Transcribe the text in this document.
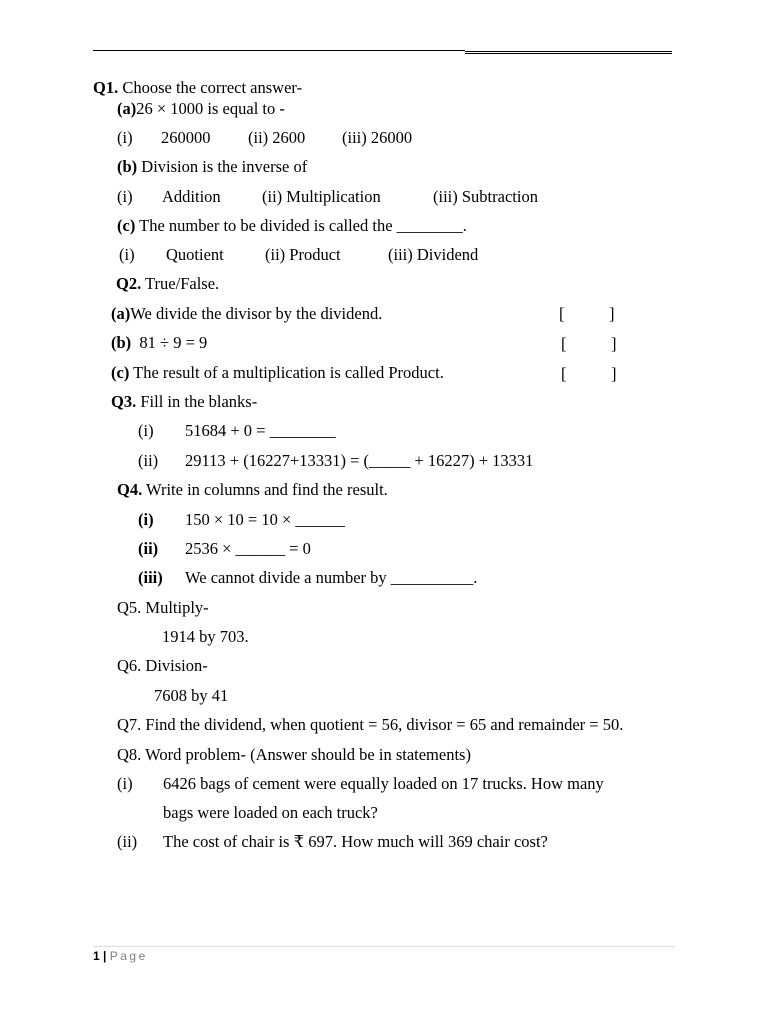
Q1. Choose the correct answer-
(a)26 × 1000 is equal to -
(i) 260000 (ii) 2600 (iii) 26000
(b) Division is the inverse of
(i) Addition	(ii) Multiplication	(iii) Subtraction
(c) The number to be divided is called the ________.
(i) Quotient	(ii) Product	(iii) Dividend
Q2. True/False.
(a)We divide the divisor by the dividend.	[	]
(b) 81 ÷ 9 = 9	[	]
(c) The result of a multiplication is called Product.	[	]
Q3. Fill in the blanks-
(i) 51684 + 0 = ________
(ii) 29113 + (16227+13331) = (_____ + 16227) + 13331
Q4. Write in columns and find the result.
(i) 150 × 10 = 10 × ______
(ii) 2536 × ______ = 0
(iii) We cannot divide a number by __________.
Q5. Multiply-
1914 by 703.
Q6. Division-
7608 by 41
Q7. Find the dividend, when quotient = 56, divisor = 65 and remainder = 50.
Q8. Word problem- (Answer should be in statements)
(i) 6426 bags of cement were equally loaded on 17 trucks. How many
bags were loaded on each truck?
(ii) The cost of chair is ₹ 697. How much will 369 chair cost?
1 | Page
